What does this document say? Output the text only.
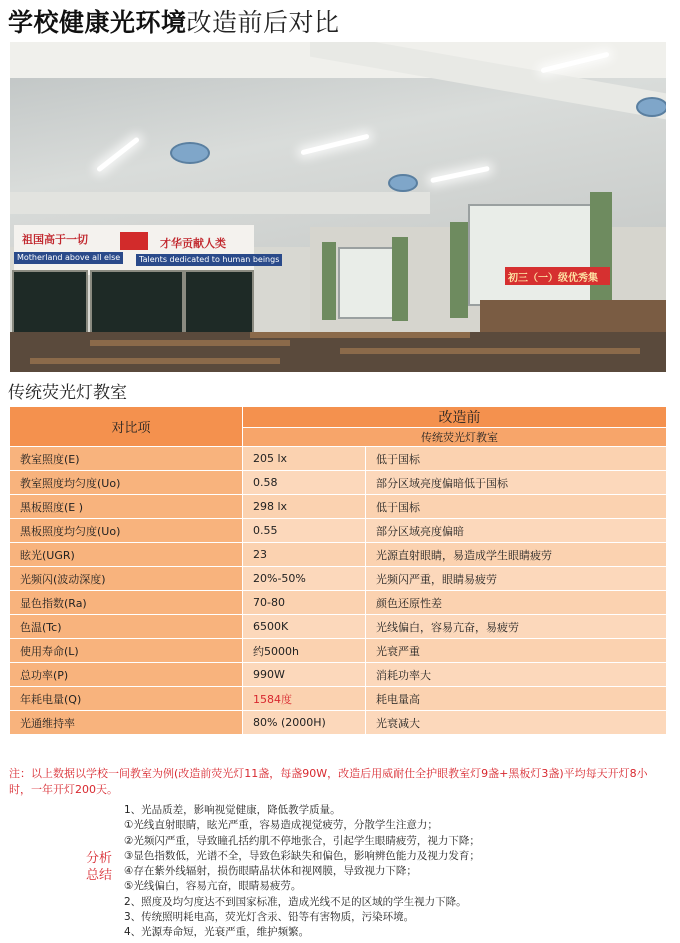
学校健康光环境改造前后对比
祖国高于一切	才华贡献人类
Motherland above all else	Talents dedicated to human beings
初三（一）级优秀集
传统荧光灯教室
对比项	改造前	
	传统荧光灯教室	
教室照度(E)	205 lx	低于国标
教室照度均匀度(Uo)	0.58	部分区域亮度偏暗低于国标
黑板照度(E )	298 lx	低于国标
黑板照度均匀度(Uo)	0.55	部分区域亮度偏暗
眩光(UGR)	23	光源直射眼睛，易造成学生眼睛疲劳
光频闪(波动深度)	20%-50%	光频闪严重，眼睛易疲劳
显色指数(Ra)	70-80	颜色还原性差
色温(Tc)	6500K	光线偏白，容易亢奋，易疲劳
使用寿命(L)	约5000h	光衰严重
总功率(P)	990W	消耗功率大
年耗电量(Q)	1584度	耗电量高
光通维持率	80% (2000H)	光衰减大
注：以上数据以学校一间教室为例(改造前荧光灯11盏，每盏90W，改造后用威耐仕全护眼教室灯9盏+黑板灯3盏)平均每天开灯8小时，一年开灯200天。
分析
总结
1、光品质差，影响视觉健康，降低教学质量。
①光线直射眼睛，眩光严重，容易造成视觉疲劳，分散学生注意力；
②光频闪严重，导致瞳孔括约肌不停地张合，引起学生眼睛疲劳，视力下降；
③显色指数低，光谱不全，导致色彩缺失和偏色，影响辨色能力及视力发育；
④存在紫外线辐射，损伤眼睛晶状体和视网膜，导致视力下降；
⑤光线偏白，容易亢奋，眼睛易疲劳。
2、照度及均匀度达不到国家标准，造成光线不足的区域的学生视力下降。
3、传统照明耗电高，荧光灯含汞、铅等有害物质，污染环境。
4、光源寿命短，光衰严重，维护频繁。
